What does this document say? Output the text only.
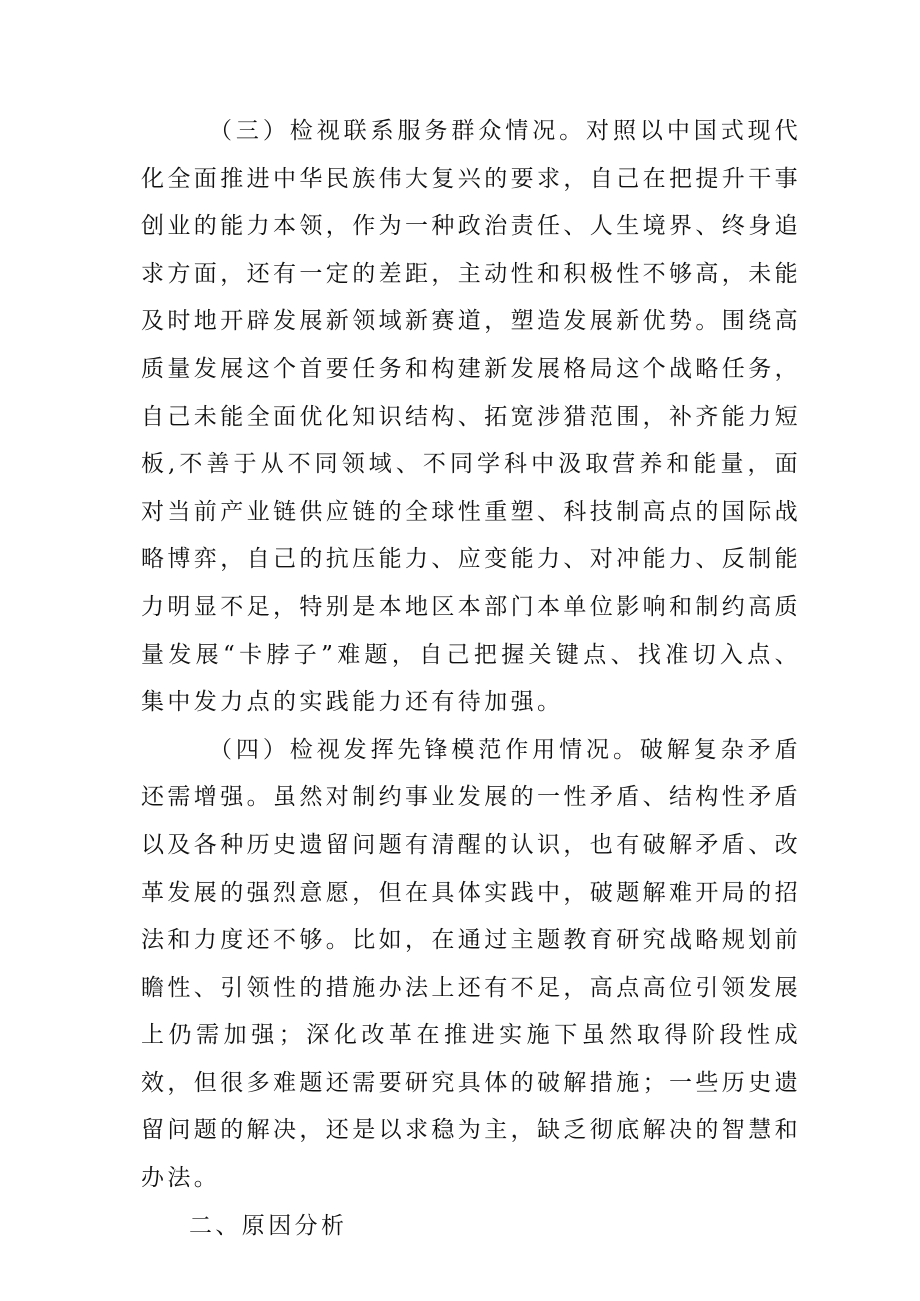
（三）检视联系服务群众情况。对照以中国式现代化全面推进中华民族伟大复兴的要求，自己在把提升干事创业的能力本领，作为一种政治责任、人生境界、终身追求方面，还有一定的差距，主动性和积极性不够高，未能及时地开辟发展新领域新赛道，塑造发展新优势。围绕高质量发展这个首要任务和构建新发展格局这个战略任务，自己未能全面优化知识结构、拓宽涉猎范围，补齐能力短板,不善于从不同领域、不同学科中汲取营养和能量，面对当前产业链供应链的全球性重塑、科技制高点的国际战略博弈，自己的抗压能力、应变能力、对冲能力、反制能力明显不足，特别是本地区本部门本单位影响和制约高质量发展“卡脖子”难题，自己把握关键点、找准切入点、集中发力点的实践能力还有待加强。

（四）检视发挥先锋模范作用情况。破解复杂矛盾还需增强。虽然对制约事业发展的一性矛盾、结构性矛盾以及各种历史遗留问题有清醒的认识，也有破解矛盾、改革发展的强烈意愿，但在具体实践中，破题解难开局的招法和力度还不够。比如，在通过主题教育研究战略规划前瞻性、引领性的措施办法上还有不足，高点高位引领发展上仍需加强；深化改革在推进实施下虽然取得阶段性成效，但很多难题还需要研究具体的破解措施；一些历史遗留问题的解决，还是以求稳为主，缺乏彻底解决的智慧和办法。

二、原因分析
